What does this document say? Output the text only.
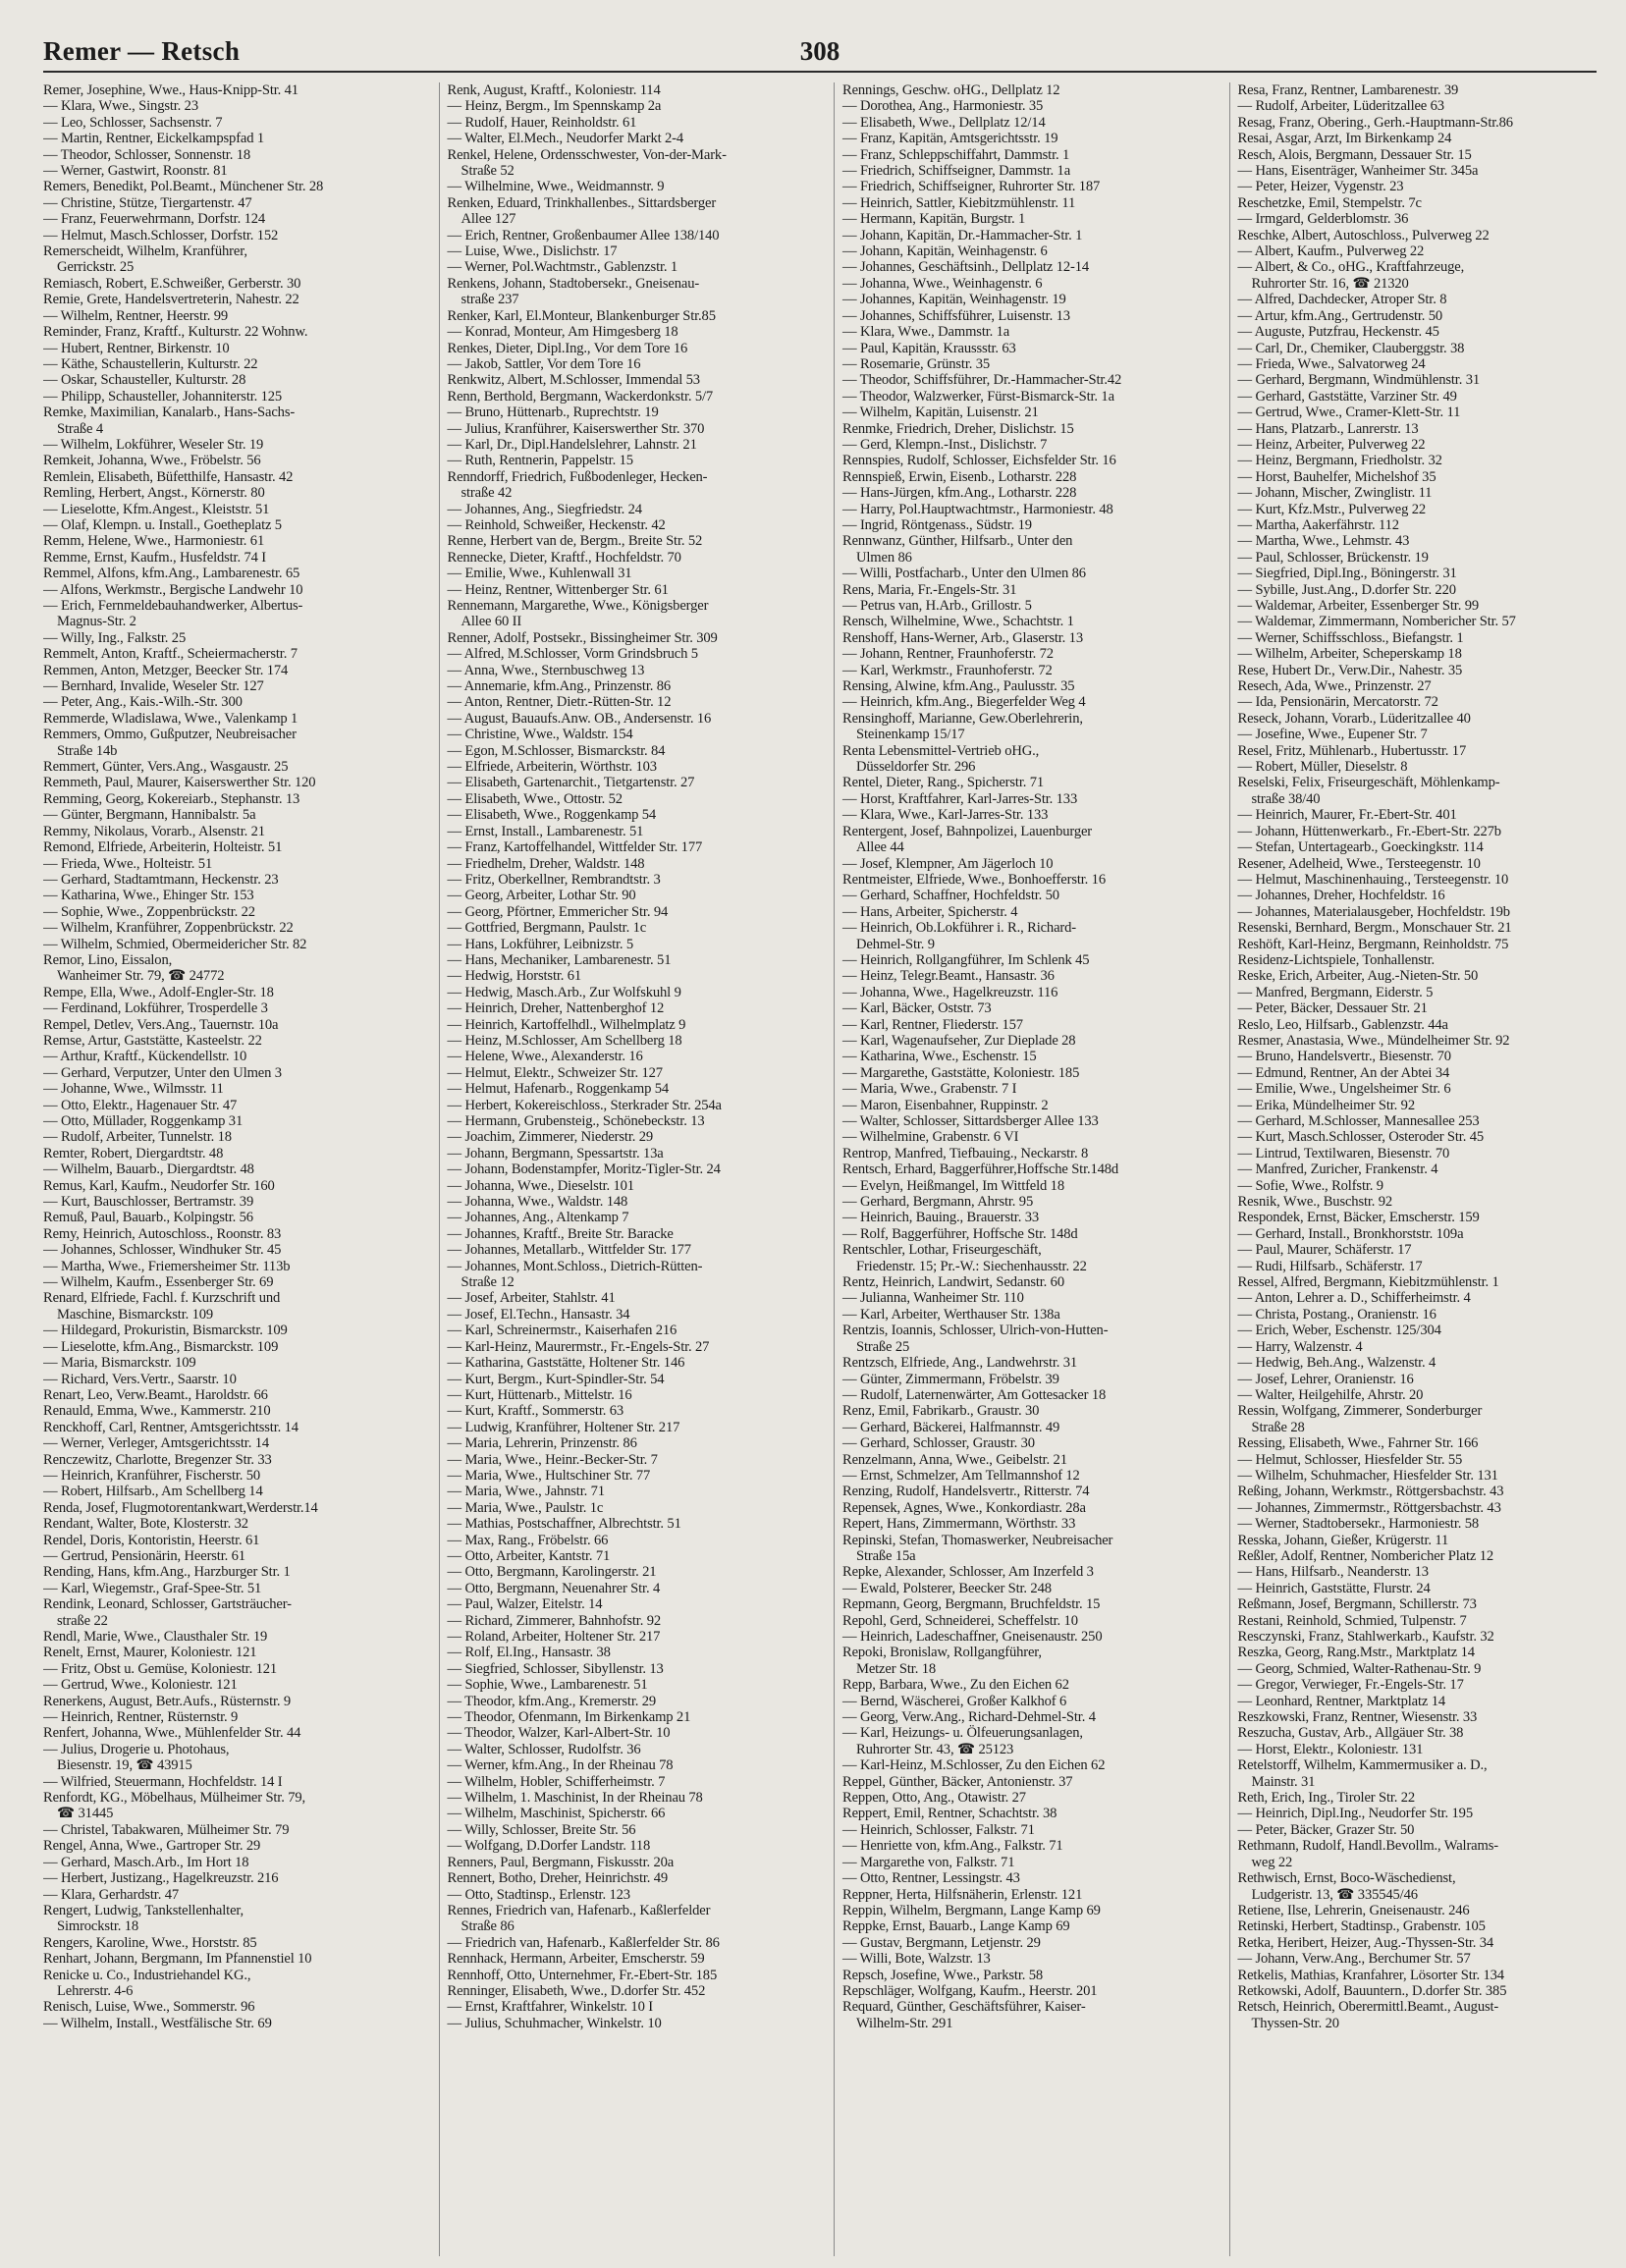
Remer — Retsch	308
Remer, Josephine, Wwe., Haus-Knipp-Str. 41
— Klara, Wwe., Singstr. 23
— Leo, Schlosser, Sachsenstr. 7
— Martin, Rentner, Eickelkampspfad 1
— Theodor, Schlosser, Sonnenstr. 18
— Werner, Gastwirt, Roonstr. 81
Remers, Benedikt, Pol.Beamt., Münchener Str. 28
— Christine, Stütze, Tiergartenstr. 47
— Franz, Feuerwehrmann, Dorfstr. 124
— Helmut, Masch.Schlosser, Dorfstr. 152
Remerscheidt, Wilhelm, Kranführer,
Gerrickstr. 25
Remiasch, Robert, E.Schweißer, Gerberstr. 30
Remie, Grete, Handelsvertreterin, Nahestr. 22
— Wilhelm, Rentner, Heerstr. 99
Reminder, Franz, Kraftf., Kulturstr. 22 Wohnw.
— Hubert, Rentner, Birkenstr. 10
— Käthe, Schaustellerin, Kulturstr. 22
— Oskar, Schausteller, Kulturstr. 28
— Philipp, Schausteller, Johanniterstr. 125
Remke, Maximilian, Kanalarb., Hans-Sachs-
Straße 4
— Wilhelm, Lokführer, Weseler Str. 19
Remkeit, Johanna, Wwe., Fröbelstr. 56
Remlein, Elisabeth, Büfetthilfe, Hansastr. 42
Remling, Herbert, Angst., Körnerstr. 80
— Lieselotte, Kfm.Angest., Kleiststr. 51
— Olaf, Klempn. u. Install., Goetheplatz 5
Remm, Helene, Wwe., Harmoniestr. 61
Remme, Ernst, Kaufm., Husfeldstr. 74 I
Remmel, Alfons, kfm.Ang., Lambarenestr. 65
— Alfons, Werkmstr., Bergische Landwehr 10
— Erich, Fernmeldebauhandwerker, Albertus-
Magnus-Str. 2
— Willy, Ing., Falkstr. 25
Remmelt, Anton, Kraftf., Scheiermacherstr. 7
Remmen, Anton, Metzger, Beecker Str. 174
— Bernhard, Invalide, Weseler Str. 127
— Peter, Ang., Kais.-Wilh.-Str. 300
Remmerde, Wladislawa, Wwe., Valenkamp 1
Remmers, Ommo, Gußputzer, Neubreisacher
Straße 14b
Remmert, Günter, Vers.Ang., Wasgaustr. 25
Remmeth, Paul, Maurer, Kaiserswerther Str. 120
Remming, Georg, Kokereiarb., Stephanstr. 13
— Günter, Bergmann, Hannibalstr. 5a
Remmy, Nikolaus, Vorarb., Alsenstr. 21
Remond, Elfriede, Arbeiterin, Holteistr. 51
— Frieda, Wwe., Holteistr. 51
— Gerhard, Stadtamtmann, Heckenstr. 23
— Katharina, Wwe., Ehinger Str. 153
— Sophie, Wwe., Zoppenbrückstr. 22
— Wilhelm, Kranführer, Zoppenbrückstr. 22
— Wilhelm, Schmied, Obermeidericher Str. 82
Remor, Lino, Eissalon,
Wanheimer Str. 79, ☎ 24772
Rempe, Ella, Wwe., Adolf-Engler-Str. 18
— Ferdinand, Lokführer, Trosperdelle 3
Rempel, Detlev, Vers.Ang., Tauernstr. 10a
Remse, Artur, Gaststätte, Kasteelstr. 22
— Arthur, Kraftf., Kückendellstr. 10
— Gerhard, Verputzer, Unter den Ulmen 3
— Johanne, Wwe., Wilmsstr. 11
— Otto, Elektr., Hagenauer Str. 47
— Otto, Müllader, Roggenkamp 31
— Rudolf, Arbeiter, Tunnelstr. 18
Remter, Robert, Diergardtstr. 48
— Wilhelm, Bauarb., Diergardtstr. 48
Remus, Karl, Kaufm., Neudorfer Str. 160
— Kurt, Bauschlosser, Bertramstr. 39
Remuß, Paul, Bauarb., Kolpingstr. 56
Remy, Heinrich, Autoschloss., Roonstr. 83
— Johannes, Schlosser, Windhuker Str. 45
— Martha, Wwe., Friemersheimer Str. 113b
— Wilhelm, Kaufm., Essenberger Str. 69
Renard, Elfriede, Fachl. f. Kurzschrift und
Maschine, Bismarckstr. 109
— Hildegard, Prokuristin, Bismarckstr. 109
— Lieselotte, kfm.Ang., Bismarckstr. 109
— Maria, Bismarckstr. 109
— Richard, Vers.Vertr., Saarstr. 10
Renart, Leo, Verw.Beamt., Haroldstr. 66
Renauld, Emma, Wwe., Kammerstr. 210
Renckhoff, Carl, Rentner, Amtsgerichtsstr. 14
— Werner, Verleger, Amtsgerichtsstr. 14
Renczewitz, Charlotte, Bregenzer Str. 33
— Heinrich, Kranführer, Fischerstr. 50
— Robert, Hilfsarb., Am Schellberg 14
Renda, Josef, Flugmotorentankwart,Werderstr.14
Rendant, Walter, Bote, Klosterstr. 32
Rendel, Doris, Kontoristin, Heerstr. 61
— Gertrud, Pensionärin, Heerstr. 61
Rending, Hans, kfm.Ang., Harzburger Str. 1
— Karl, Wiegemstr., Graf-Spee-Str. 51
Rendink, Leonard, Schlosser, Gartsträucher-
straße 22
Rendl, Marie, Wwe., Clausthaler Str. 19
Renelt, Ernst, Maurer, Koloniestr. 121
— Fritz, Obst u. Gemüse, Koloniestr. 121
— Gertrud, Wwe., Koloniestr. 121
Renerkens, August, Betr.Aufs., Rüsternstr. 9
— Heinrich, Rentner, Rüsternstr. 9
Renfert, Johanna, Wwe., Mühlenfelder Str. 44
— Julius, Drogerie u. Photohaus,
Biesenstr. 19, ☎ 43915
— Wilfried, Steuermann, Hochfeldstr. 14 I
Renfordt, KG., Möbelhaus, Mülheimer Str. 79,
☎ 31445
— Christel, Tabakwaren, Mülheimer Str. 79
Rengel, Anna, Wwe., Gartroper Str. 29
— Gerhard, Masch.Arb., Im Hort 18
— Herbert, Justizang., Hagelkreuzstr. 216
— Klara, Gerhardstr. 47
Rengert, Ludwig, Tankstellenhalter,
Simrockstr. 18
Rengers, Karoline, Wwe., Horststr. 85
Renhart, Johann, Bergmann, Im Pfannenstiel 10
Renicke u. Co., Industriehandel KG.,
Lehrerstr. 4-6
Renisch, Luise, Wwe., Sommerstr. 96
— Wilhelm, Install., Westfälische Str. 69
Renk, August, Kraftf., Koloniestr. 114
— Heinz, Bergm., Im Spennskamp 2a
— Rudolf, Hauer, Reinholdstr. 61
— Walter, El.Mech., Neudorfer Markt 2-4
Renkel, Helene, Ordensschwester, Von-der-Mark-
Straße 52
— Wilhelmine, Wwe., Weidmannstr. 9
Renken, Eduard, Trinkhallenbes., Sittardsberger
Allee 127
— Erich, Rentner, Großenbaumer Allee 138/140
— Luise, Wwe., Dislichstr. 17
— Werner, Pol.Wachtmstr., Gablenzstr. 1
Renkens, Johann, Stadtobersekr., Gneisenau-
straße 237
Renker, Karl, El.Monteur, Blankenburger Str.85
— Konrad, Monteur, Am Himgesberg 18
Renkes, Dieter, Dipl.Ing., Vor dem Tore 16
— Jakob, Sattler, Vor dem Tore 16
Renkwitz, Albert, M.Schlosser, Immendal 53
Renn, Berthold, Bergmann, Wackerdonkstr. 5/7
— Bruno, Hüttenarb., Ruprechtstr. 19
— Julius, Kranführer, Kaiserswerther Str. 370
— Karl, Dr., Dipl.Handelslehrer, Lahnstr. 21
— Ruth, Rentnerin, Pappelstr. 15
Renndorff, Friedrich, Fußbodenleger, Hecken-
straße 42
— Johannes, Ang., Siegfriedstr. 24
— Reinhold, Schweißer, Heckenstr. 42
Renne, Herbert van de, Bergm., Breite Str. 52
Rennecke, Dieter, Kraftf., Hochfeldstr. 70
— Emilie, Wwe., Kuhlenwall 31
— Heinz, Rentner, Wittenberger Str. 61
Rennemann, Margarethe, Wwe., Königsberger
Allee 60 II
Renner, Adolf, Postsekr., Bissingheimer Str. 309
— Alfred, M.Schlosser, Vorm Grindsbruch 5
— Anna, Wwe., Sternbuschweg 13
— Annemarie, kfm.Ang., Prinzenstr. 86
— Anton, Rentner, Dietr.-Rütten-Str. 12
— August, Bauaufs.Anw. OB., Andersenstr. 16
— Christine, Wwe., Waldstr. 154
— Egon, M.Schlosser, Bismarckstr. 84
— Elfriede, Arbeiterin, Wörthstr. 103
— Elisabeth, Gartenarchit., Tietgartenstr. 27
— Elisabeth, Wwe., Ottostr. 52
— Elisabeth, Wwe., Roggenkamp 54
— Ernst, Install., Lambarenestr. 51
— Franz, Kartoffelhandel, Wittfelder Str. 177
— Friedhelm, Dreher, Waldstr. 148
— Fritz, Oberkellner, Rembrandtstr. 3
— Georg, Arbeiter, Lothar Str. 90
— Georg, Pförtner, Emmericher Str. 94
— Gottfried, Bergmann, Paulstr. 1c
— Hans, Lokführer, Leibnizstr. 5
— Hans, Mechaniker, Lambarenestr. 51
— Hedwig, Horststr. 61
— Hedwig, Masch.Arb., Zur Wolfskuhl 9
— Heinrich, Dreher, Nattenberghof 12
— Heinrich, Kartoffelhdl., Wilhelmplatz 9
— Heinz, M.Schlosser, Am Schellberg 18
— Helene, Wwe., Alexanderstr. 16
— Helmut, Elektr., Schweizer Str. 127
— Helmut, Hafenarb., Roggenkamp 54
— Herbert, Kokereischloss., Sterkrader Str. 254a
— Hermann, Grubensteig., Schönebeckstr. 13
— Joachim, Zimmerer, Niederstr. 29
— Johann, Bergmann, Spessartstr. 13a
— Johann, Bodenstampfer, Moritz-Tigler-Str. 24
— Johanna, Wwe., Dieselstr. 101
— Johanna, Wwe., Waldstr. 148
— Johannes, Ang., Altenkamp 7
— Johannes, Kraftf., Breite Str. Baracke
— Johannes, Metallarb., Wittfelder Str. 177
— Johannes, Mont.Schloss., Dietrich-Rütten-
Straße 12
— Josef, Arbeiter, Stahlstr. 41
— Josef, El.Techn., Hansastr. 34
— Karl, Schreinermstr., Kaiserhafen 216
— Karl-Heinz, Maurermstr., Fr.-Engels-Str. 27
— Katharina, Gaststätte, Holtener Str. 146
— Kurt, Bergm., Kurt-Spindler-Str. 54
— Kurt, Hüttenarb., Mittelstr. 16
— Kurt, Kraftf., Sommerstr. 63
— Ludwig, Kranführer, Holtener Str. 217
— Maria, Lehrerin, Prinzenstr. 86
— Maria, Wwe., Heinr.-Becker-Str. 7
— Maria, Wwe., Hultschiner Str. 77
— Maria, Wwe., Jahnstr. 71
— Maria, Wwe., Paulstr. 1c
— Mathias, Postschaffner, Albrechtstr. 51
— Max, Rang., Fröbelstr. 66
— Otto, Arbeiter, Kantstr. 71
— Otto, Bergmann, Karolingerstr. 21
— Otto, Bergmann, Neuenahrer Str. 4
— Paul, Walzer, Eitelstr. 14
— Richard, Zimmerer, Bahnhofstr. 92
— Roland, Arbeiter, Holtener Str. 217
— Rolf, El.Ing., Hansastr. 38
— Siegfried, Schlosser, Sibyllenstr. 13
— Sophie, Wwe., Lambarenestr. 51
— Theodor, kfm.Ang., Kremerstr. 29
— Theodor, Ofenmann, Im Birkenkamp 21
— Theodor, Walzer, Karl-Albert-Str. 10
— Walter, Schlosser, Rudolfstr. 36
— Werner, kfm.Ang., In der Rheinau 78
— Wilhelm, Hobler, Schifferheimstr. 7
— Wilhelm, 1. Maschinist, In der Rheinau 78
— Wilhelm, Maschinist, Spicherstr. 66
— Willy, Schlosser, Breite Str. 56
— Wolfgang, D.Dorfer Landstr. 118
Renners, Paul, Bergmann, Fiskusstr. 20a
Rennert, Botho, Dreher, Heinrichstr. 49
— Otto, Stadtinsp., Erlenstr. 123
Rennes, Friedrich van, Hafenarb., Kaßlerfelder
Straße 86
— Friedrich van, Hafenarb., Kaßlerfelder Str. 86
Rennhack, Hermann, Arbeiter, Emscherstr. 59
Rennhoff, Otto, Unternehmer, Fr.-Ebert-Str. 185
Renninger, Elisabeth, Wwe., D.dorfer Str. 452
— Ernst, Kraftfahrer, Winkelstr. 10 I
— Julius, Schuhmacher, Winkelstr. 10
Rennings, Geschw. oHG., Dellplatz 12
— Dorothea, Ang., Harmoniestr. 35
— Elisabeth, Wwe., Dellplatz 12/14
— Franz, Kapitän, Amtsgerichtsstr. 19
— Franz, Schleppschiffahrt, Dammstr. 1
— Friedrich, Schiffseigner, Dammstr. 1a
— Friedrich, Schiffseigner, Ruhrorter Str. 187
— Heinrich, Sattler, Kiebitzmühlenstr. 11
— Hermann, Kapitän, Burgstr. 1
— Johann, Kapitän, Dr.-Hammacher-Str. 1
— Johann, Kapitän, Weinhagenstr. 6
— Johannes, Geschäftsinh., Dellplatz 12-14
— Johanna, Wwe., Weinhagenstr. 6
— Johannes, Kapitän, Weinhagenstr. 19
— Johannes, Schiffsführer, Luisenstr. 13
— Klara, Wwe., Dammstr. 1a
— Paul, Kapitän, Kraussstr. 63
— Rosemarie, Grünstr. 35
— Theodor, Schiffsführer, Dr.-Hammacher-Str.42
— Theodor, Walzwerker, Fürst-Bismarck-Str. 1a
— Wilhelm, Kapitän, Luisenstr. 21
Renmke, Friedrich, Dreher, Dislichstr. 15
— Gerd, Klempn.-Inst., Dislichstr. 7
Rennspies, Rudolf, Schlosser, Eichsfelder Str. 16
Rennspieß, Erwin, Eisenb., Lotharstr. 228
— Hans-Jürgen, kfm.Ang., Lotharstr. 228
— Harry, Pol.Hauptwachtmstr., Harmoniestr. 48
— Ingrid, Röntgenass., Südstr. 19
Rennwanz, Günther, Hilfsarb., Unter den
Ulmen 86
— Willi, Postfacharb., Unter den Ulmen 86
Rens, Maria, Fr.-Engels-Str. 31
— Petrus van, H.Arb., Grillostr. 5
Rensch, Wilhelmine, Wwe., Schachtstr. 1
Renshoff, Hans-Werner, Arb., Glaserstr. 13
— Johann, Rentner, Fraunhoferstr. 72
— Karl, Werkmstr., Fraunhoferstr. 72
Rensing, Alwine, kfm.Ang., Paulusstr. 35
— Heinrich, kfm.Ang., Biegerfelder Weg 4
Rensinghoff, Marianne, Gew.Oberlehrerin,
Steinenkamp 15/17
Renta Lebensmittel-Vertrieb oHG.,
Düsseldorfer Str. 296
Rentel, Dieter, Rang., Spicherstr. 71
— Horst, Kraftfahrer, Karl-Jarres-Str. 133
— Klara, Wwe., Karl-Jarres-Str. 133
Rentergent, Josef, Bahnpolizei, Lauenburger
Allee 44
— Josef, Klempner, Am Jägerloch 10
Rentmeister, Elfriede, Wwe., Bonhoefferstr. 16
— Gerhard, Schaffner, Hochfeldstr. 50
— Hans, Arbeiter, Spicherstr. 4
— Heinrich, Ob.Lokführer i. R., Richard-
Dehmel-Str. 9
— Heinrich, Rollgangführer, Im Schlenk 45
— Heinz, Telegr.Beamt., Hansastr. 36
— Johanna, Wwe., Hagelkreuzstr. 116
— Karl, Bäcker, Oststr. 73
— Karl, Rentner, Fliederstr. 157
— Karl, Wagenaufseher, Zur Dieplade 28
— Katharina, Wwe., Eschenstr. 15
— Margarethe, Gaststätte, Koloniestr. 185
— Maria, Wwe., Grabenstr. 7 I
— Maron, Eisenbahner, Ruppinstr. 2
— Walter, Schlosser, Sittardsberger Allee 133
— Wilhelmine, Grabenstr. 6 VI
Rentrop, Manfred, Tiefbauing., Neckarstr. 8
Rentsch, Erhard, Baggerführer,Hoffsche Str.148d
— Evelyn, Heißmangel, Im Wittfeld 18
— Gerhard, Bergmann, Ahrstr. 95
— Heinrich, Bauing., Brauerstr. 33
— Rolf, Baggerführer, Hoffsche Str. 148d
Rentschler, Lothar, Friseurgeschäft,
Friedenstr. 15; Pr.-W.: Siechenhausstr. 22
Rentz, Heinrich, Landwirt, Sedanstr. 60
— Julianna, Wanheimer Str. 110
— Karl, Arbeiter, Werthauser Str. 138a
Rentzis, Ioannis, Schlosser, Ulrich-von-Hutten-
Straße 25
Rentzsch, Elfriede, Ang., Landwehrstr. 31
— Günter, Zimmermann, Fröbelstr. 39
— Rudolf, Laternenwärter, Am Gottesacker 18
Renz, Emil, Fabrikarb., Graustr. 30
— Gerhard, Bäckerei, Halfmannstr. 49
— Gerhard, Schlosser, Graustr. 30
Renzelmann, Anna, Wwe., Geibelstr. 21
— Ernst, Schmelzer, Am Tellmannshof 12
Renzing, Rudolf, Handelsvertr., Ritterstr. 74
Repensek, Agnes, Wwe., Konkordiastr. 28a
Repert, Hans, Zimmermann, Wörthstr. 33
Repinski, Stefan, Thomaswerker, Neubreisacher
Straße 15a
Repke, Alexander, Schlosser, Am Inzerfeld 3
— Ewald, Polsterer, Beecker Str. 248
Repmann, Georg, Bergmann, Bruchfeldstr. 15
Repohl, Gerd, Schneiderei, Scheffelstr. 10
— Heinrich, Ladeschaffner, Gneisenaustr. 250
Repoki, Bronislaw, Rollgangführer,
Metzer Str. 18
Repp, Barbara, Wwe., Zu den Eichen 62
— Bernd, Wäscherei, Großer Kalkhof 6
— Georg, Verw.Ang., Richard-Dehmel-Str. 4
— Karl, Heizungs- u. Ölfeuerungsanlagen,
Ruhrorter Str. 43, ☎ 25123
— Karl-Heinz, M.Schlosser, Zu den Eichen 62
Reppel, Günther, Bäcker, Antonienstr. 37
Reppen, Otto, Ang., Otawistr. 27
Reppert, Emil, Rentner, Schachtstr. 38
— Heinrich, Schlosser, Falkstr. 71
— Henriette von, kfm.Ang., Falkstr. 71
— Margarethe von, Falkstr. 71
— Otto, Rentner, Lessingstr. 43
Reppner, Herta, Hilfsnäherin, Erlenstr. 121
Reppin, Wilhelm, Bergmann, Lange Kamp 69
Reppke, Ernst, Bauarb., Lange Kamp 69
— Gustav, Bergmann, Letjenstr. 29
— Willi, Bote, Walzstr. 13
Repsch, Josefine, Wwe., Parkstr. 58
Repschläger, Wolfgang, Kaufm., Heerstr. 201
Requard, Günther, Geschäftsführer, Kaiser-
Wilhelm-Str. 291
Resa, Franz, Rentner, Lambarenestr. 39
— Rudolf, Arbeiter, Lüderitzallee 63
Resag, Franz, Obering., Gerh.-Hauptmann-Str.86
Resai, Asgar, Arzt, Im Birkenkamp 24
Resch, Alois, Bergmann, Dessauer Str. 15
— Hans, Eisenträger, Wanheimer Str. 345a
— Peter, Heizer, Vygenstr. 23
Reschetzke, Emil, Stempelstr. 7c
— Irmgard, Gelderblomstr. 36
Reschke, Albert, Autoschloss., Pulverweg 22
— Albert, Kaufm., Pulverweg 22
— Albert, & Co., oHG., Kraftfahrzeuge,
Ruhrorter Str. 16, ☎ 21320
— Alfred, Dachdecker, Atroper Str. 8
— Artur, kfm.Ang., Gertrudenstr. 50
— Auguste, Putzfrau, Heckenstr. 45
— Carl, Dr., Chemiker, Clauberggstr. 38
— Frieda, Wwe., Salvatorweg 24
— Gerhard, Bergmann, Windmühlenstr. 31
— Gerhard, Gaststätte, Varziner Str. 49
— Gertrud, Wwe., Cramer-Klett-Str. 11
— Hans, Platzarb., Lanrerstr. 13
— Heinz, Arbeiter, Pulverweg 22
— Heinz, Bergmann, Friedholstr. 32
— Horst, Bauhelfer, Michelshof 35
— Johann, Mischer, Zwinglistr. 11
— Kurt, Kfz.Mstr., Pulverweg 22
— Martha, Aakerfährstr. 112
— Martha, Wwe., Lehmstr. 43
— Paul, Schlosser, Brückenstr. 19
— Siegfried, Dipl.Ing., Böningerstr. 31
— Sybille, Just.Ang., D.dorfer Str. 220
— Waldemar, Arbeiter, Essenberger Str. 99
— Waldemar, Zimmermann, Nombericher Str. 57
— Werner, Schiffsschloss., Biefangstr. 1
— Wilhelm, Arbeiter, Scheperskamp 18
Rese, Hubert Dr., Verw.Dir., Nahestr. 35
Resech, Ada, Wwe., Prinzenstr. 27
— Ida, Pensionärin, Mercatorstr. 72
Reseck, Johann, Vorarb., Lüderitzallee 40
— Josefine, Wwe., Eupener Str. 7
Resel, Fritz, Mühlenarb., Hubertusstr. 17
— Robert, Müller, Dieselstr. 8
Reselski, Felix, Friseurgeschäft, Möhlenkamp-
straße 38/40
— Heinrich, Maurer, Fr.-Ebert-Str. 401
— Johann, Hüttenwerkarb., Fr.-Ebert-Str. 227b
— Stefan, Untertagearb., Goeckingkstr. 114
Resener, Adelheid, Wwe., Tersteegenstr. 10
— Helmut, Maschinenhauing., Tersteegenstr. 10
— Johannes, Dreher, Hochfeldstr. 16
— Johannes, Materialausgeber, Hochfeldstr. 19b
Resenski, Bernhard, Bergm., Monschauer Str. 21
Reshöft, Karl-Heinz, Bergmann, Reinholdstr. 75
Residenz-Lichtspiele, Tonhallenstr.
Reske, Erich, Arbeiter, Aug.-Nieten-Str. 50
— Manfred, Bergmann, Eiderstr. 5
— Peter, Bäcker, Dessauer Str. 21
Reslo, Leo, Hilfsarb., Gablenzstr. 44a
Resmer, Anastasia, Wwe., Mündelheimer Str. 92
— Bruno, Handelsvertr., Biesenstr. 70
— Edmund, Rentner, An der Abtei 34
— Emilie, Wwe., Ungelsheimer Str. 6
— Erika, Mündelheimer Str. 92
— Gerhard, M.Schlosser, Mannesallee 253
— Kurt, Masch.Schlosser, Osteroder Str. 45
— Lintrud, Textilwaren, Biesenstr. 70
— Manfred, Zuricher, Frankenstr. 4
— Sofie, Wwe., Rolfstr. 9
Resnik, Wwe., Buschstr. 92
Respondek, Ernst, Bäcker, Emscherstr. 159
— Gerhard, Install., Bronkhorststr. 109a
— Paul, Maurer, Schäferstr. 17
— Rudi, Hilfsarb., Schäferstr. 17
Ressel, Alfred, Bergmann, Kiebitzmühlenstr. 1
— Anton, Lehrer a. D., Schifferheimstr. 4
— Christa, Postang., Oranienstr. 16
— Erich, Weber, Eschenstr. 125/304
— Harry, Walzenstr. 4
— Hedwig, Beh.Ang., Walzenstr. 4
— Josef, Lehrer, Oranienstr. 16
— Walter, Heilgehilfe, Ahrstr. 20
Ressin, Wolfgang, Zimmerer, Sonderburger
Straße 28
Ressing, Elisabeth, Wwe., Fahrner Str. 166
— Helmut, Schlosser, Hiesfelder Str. 55
— Wilhelm, Schuhmacher, Hiesfelder Str. 131
Reßing, Johann, Werkmstr., Röttgersbachstr. 43
— Johannes, Zimmermstr., Röttgersbachstr. 43
— Werner, Stadtobersekr., Harmoniestr. 58
Resska, Johann, Gießer, Krügerstr. 11
Reßler, Adolf, Rentner, Nombericher Platz 12
— Hans, Hilfsarb., Neanderstr. 13
— Heinrich, Gaststätte, Flurstr. 24
Reßmann, Josef, Bergmann, Schillerstr. 73
Restani, Reinhold, Schmied, Tulpenstr. 7
Resczynski, Franz, Stahlwerkarb., Kaufstr. 32
Reszka, Georg, Rang.Mstr., Marktplatz 14
— Georg, Schmied, Walter-Rathenau-Str. 9
— Gregor, Verwieger, Fr.-Engels-Str. 17
— Leonhard, Rentner, Marktplatz 14
Reszkowski, Franz, Rentner, Wiesenstr. 33
Reszucha, Gustav, Arb., Allgäuer Str. 38
— Horst, Elektr., Koloniestr. 131
Retelstorff, Wilhelm, Kammermusiker a. D.,
Mainstr. 31
Reth, Erich, Ing., Tiroler Str. 22
— Heinrich, Dipl.Ing., Neudorfer Str. 195
— Peter, Bäcker, Grazer Str. 50
Rethmann, Rudolf, Handl.Bevollm., Walrams-
weg 22
Rethwisch, Ernst, Boco-Wäschedienst,
Ludgeristr. 13, ☎ 335545/46
Retiene, Ilse, Lehrerin, Gneisenaustr. 246
Retinski, Herbert, Stadtinsp., Grabenstr. 105
Retka, Heribert, Heizer, Aug.-Thyssen-Str. 34
— Johann, Verw.Ang., Berchumer Str. 57
Retkelis, Mathias, Kranfahrer, Lösorter Str. 134
Retkowski, Adolf, Bauuntern., D.dorfer Str. 385
Retsch, Heinrich, Oberermittl.Beamt., August-
Thyssen-Str. 20
